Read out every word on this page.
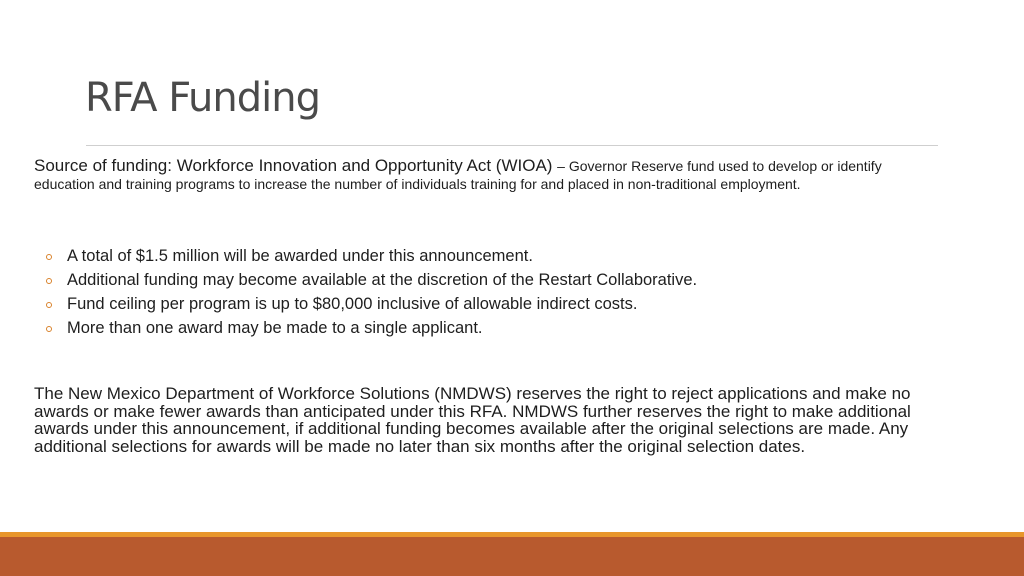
RFA Funding

Source of funding: Workforce Innovation and Opportunity Act (WIOA) – Governor Reserve fund used to develop or identify education and training programs to increase the number of individuals training for and placed in non-traditional employment.

A total of $1.5 million will be awarded under this announcement.
Additional funding may become available at the discretion of the Restart Collaborative.
Fund ceiling per program is up to $80,000 inclusive of allowable indirect costs.
More than one award may be made to a single applicant.

The New Mexico Department of Workforce Solutions (NMDWS) reserves the right to reject applications and make no awards or make fewer awards than anticipated under this RFA. NMDWS further reserves the right to make additional awards under this announcement, if additional funding becomes available after the original selections are made. Any additional selections for awards will be made no later than six months after the original selection dates.
